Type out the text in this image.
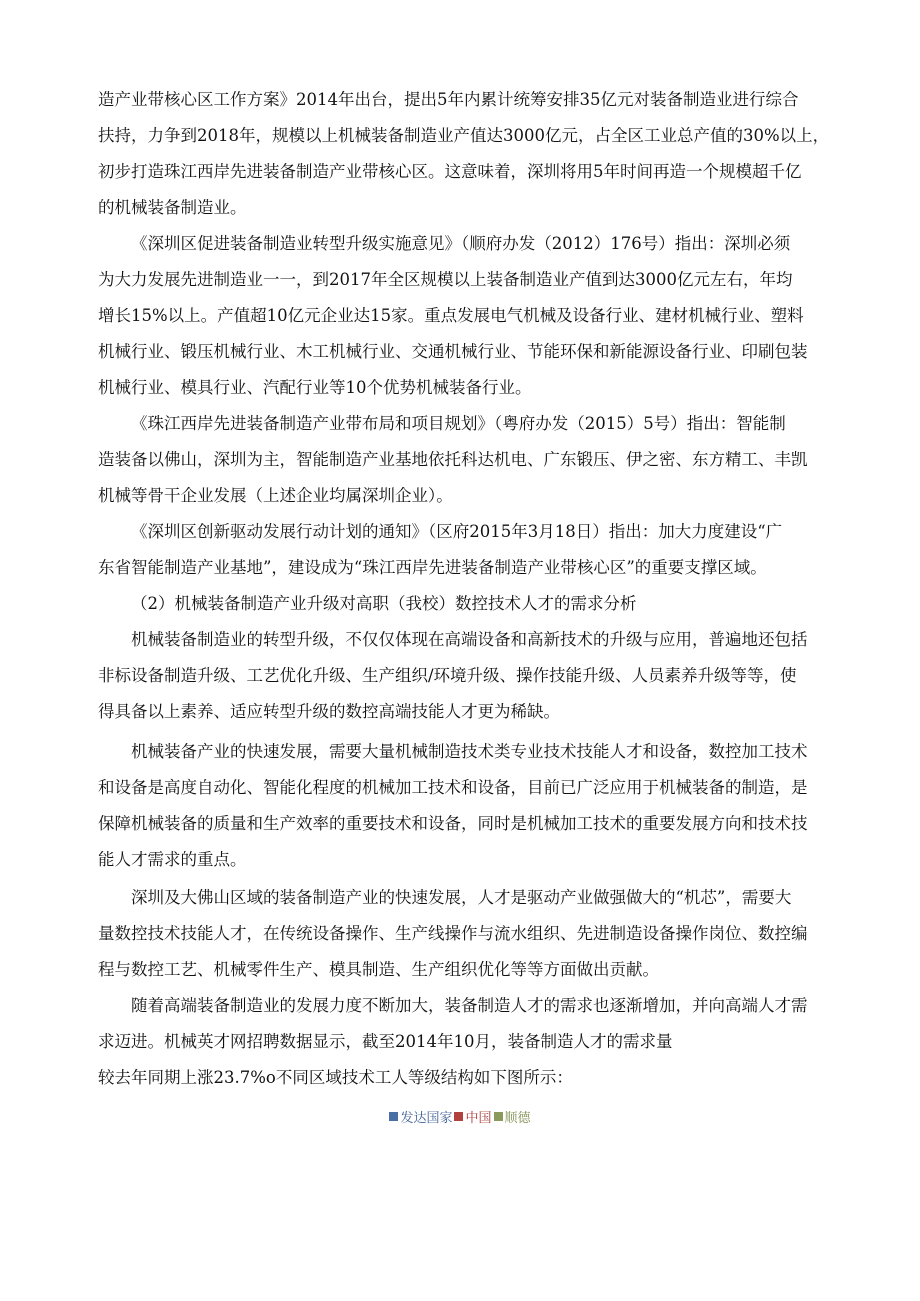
造产业带核心区工作方案》2014年出台，提出5年内累计统筹安排35亿元对装备制造业进行综合
扶持，力争到2018年，规模以上机械装备制造业产值达3000亿元，占全区工业总产值的30%以上，
初步打造珠江西岸先进装备制造产业带核心区。这意味着，深圳将用5年时间再造一个规模超千亿
的机械装备制造业。

《深圳区促进装备制造业转型升级实施意见》（顺府办发（2012）176号）指出：深圳必须
为大力发展先进制造业一一，到2017年全区规模以上装备制造业产值到达3000亿元左右，年均
增长15%以上。产值超10亿元企业达15家。重点发展电气机械及设备行业、建材机械行业、塑料
机械行业、锻压机械行业、木工机械行业、交通机械行业、节能环保和新能源设备行业、印刷包装
机械行业、模具行业、汽配行业等10个优势机械装备行业。

《珠江西岸先进装备制造产业带布局和项目规划》（粤府办发（2015）5号）指出：智能制
造装备以佛山，深圳为主，智能制造产业基地依托科达机电、广东锻压、伊之密、东方精工、丰凯
机械等骨干企业发展（上述企业均属深圳企业）。

《深圳区创新驱动发展行动计划的通知》（区府2015年3月18日）指出：加大力度建设“广
东省智能制造产业基地”，建设成为“珠江西岸先进装备制造产业带核心区”的重要支撑区域。

（2）机械装备制造产业升级对高职（我校）数控技术人才的需求分析

机械装备制造业的转型升级，不仅仅体现在高端设备和高新技术的升级与应用，普遍地还包括
非标设备制造升级、工艺优化升级、生产组织/环境升级、操作技能升级、人员素养升级等等，使
得具备以上素养、适应转型升级的数控高端技能人才更为稀缺。

机械装备产业的快速发展，需要大量机械制造技术类专业技术技能人才和设备，数控加工技术
和设备是高度自动化、智能化程度的机械加工技术和设备，目前已广泛应用于机械装备的制造，是
保障机械装备的质量和生产效率的重要技术和设备，同时是机械加工技术的重要发展方向和技术技
能人才需求的重点。

深圳及大佛山区域的装备制造产业的快速发展，人才是驱动产业做强做大的“机芯”，需要大
量数控技术技能人才，在传统设备操作、生产线操作与流水组织、先进制造设备操作岗位、数控编
程与数控工艺、机械零件生产、模具制造、生产组织优化等等方面做出贡献。

随着高端装备制造业的发展力度不断加大，装备制造人才的需求也逐渐增加，并向高端人才需
求迈进。机械英才网招聘数据显示，截至2014年10月，装备制造人才的需求量
较去年同期上涨23.7%o不同区域技术工人等级结构如下图所示：

发达国家 中国 顺德
